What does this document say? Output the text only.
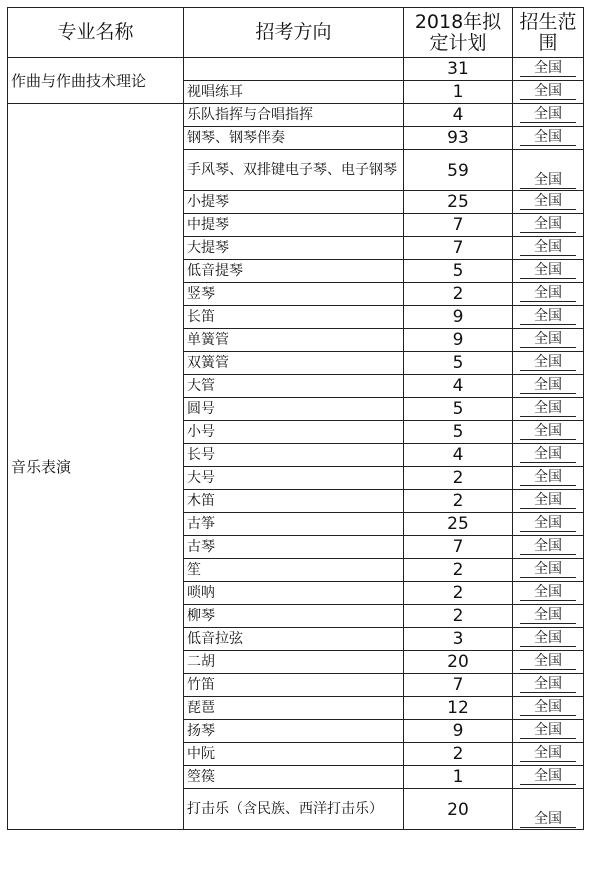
专业名称	招考方向	2018年拟定计划	招生范围
作曲与作曲技术理论		31	全国

	视唱练耳	1	全国

音乐表演	乐队指挥与合唱指挥	4	全国

	钢琴、钢琴伴奏	93	全国

	手风琴、双排键电子琴、电子钢琴	59	全国

	小提琴	25	全国

	中提琴	7	全国

	大提琴	7	全国

	低音提琴	5	全国

	竖琴	2	全国

	长笛	9	全国

	单簧管	9	全国

	双簧管	5	全国

	大管	4	全国

	圆号	5	全国

	小号	5	全国

	长号	4	全国

	大号	2	全国

	木笛	2	全国

	古筝	25	全国

	古琴	7	全国

	笙	2	全国

	唢呐	2	全国

	柳琴	2	全国

	低音拉弦	3	全国

	二胡	20	全国

	竹笛	7	全国

	琵琶	12	全国

	扬琴	9	全国

	中阮	2	全国

	箜篌	1	全国

	打击乐（含民族、西洋打击乐）	20	全国
